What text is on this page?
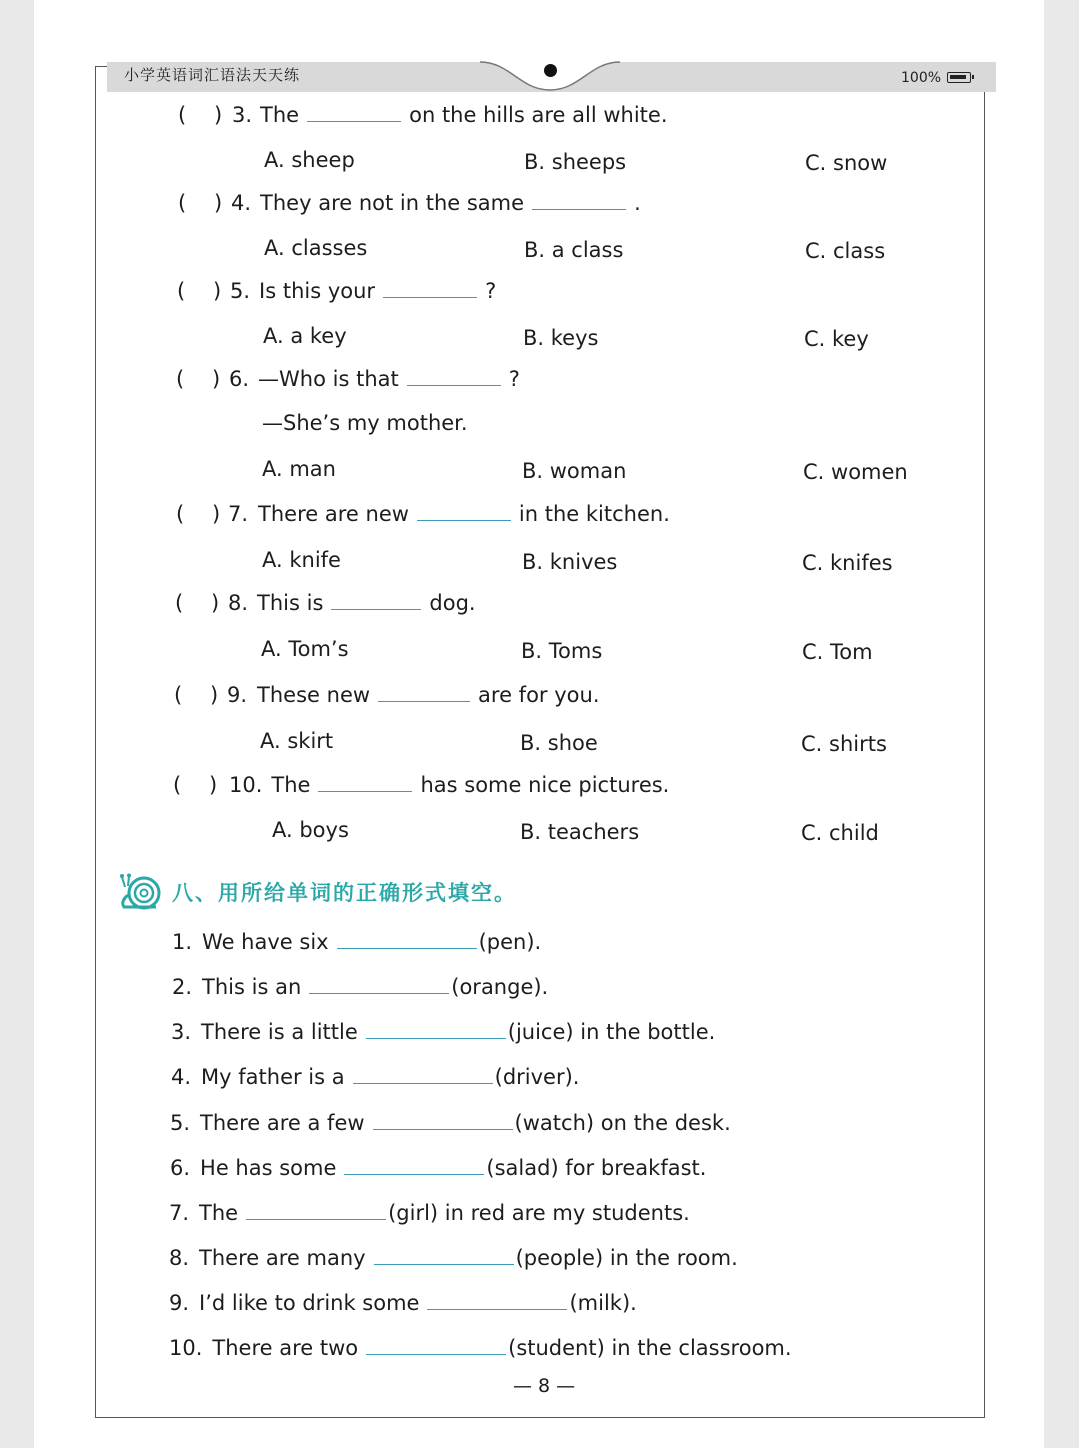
小学英语词汇语法天天练	100%
( ) 3. The	on the hills are all white.
A. sheep	B. sheeps	C. snow
( ) 4. They are not in the same	.
A. classes	B. a class	C. class
( ) 5. Is this your	?
A. a key	B. keys	C. key
( ) 6. —Who is that	?
—She’s my mother.
A. man	B. woman	C. women
( ) 7. There are new	in the kitchen.
A. knife	B. knives	C. knifes
( ) 8. This is	dog.
A. Tom’s	B. Toms	C. Tom
( ) 9. These new	are for you.
A. skirt	B. shoe	C. shirts
( ) 10. The	has some nice pictures.
A. boys	B. teachers	C. child
八、用所给单词的正确形式填空。
1. We have six	(pen).
2. This is an	(orange).
3. There is a little	(juice) in the bottle.
4. My father is a	(driver).
5. There are a few	(watch) on the desk.
6. He has some	(salad) for breakfast.
7. The	(girl) in red are my students.
8. There are many	(people) in the room.
9. I’d like to drink some	(milk).
10. There are two	(student) in the classroom.
— 8 —
